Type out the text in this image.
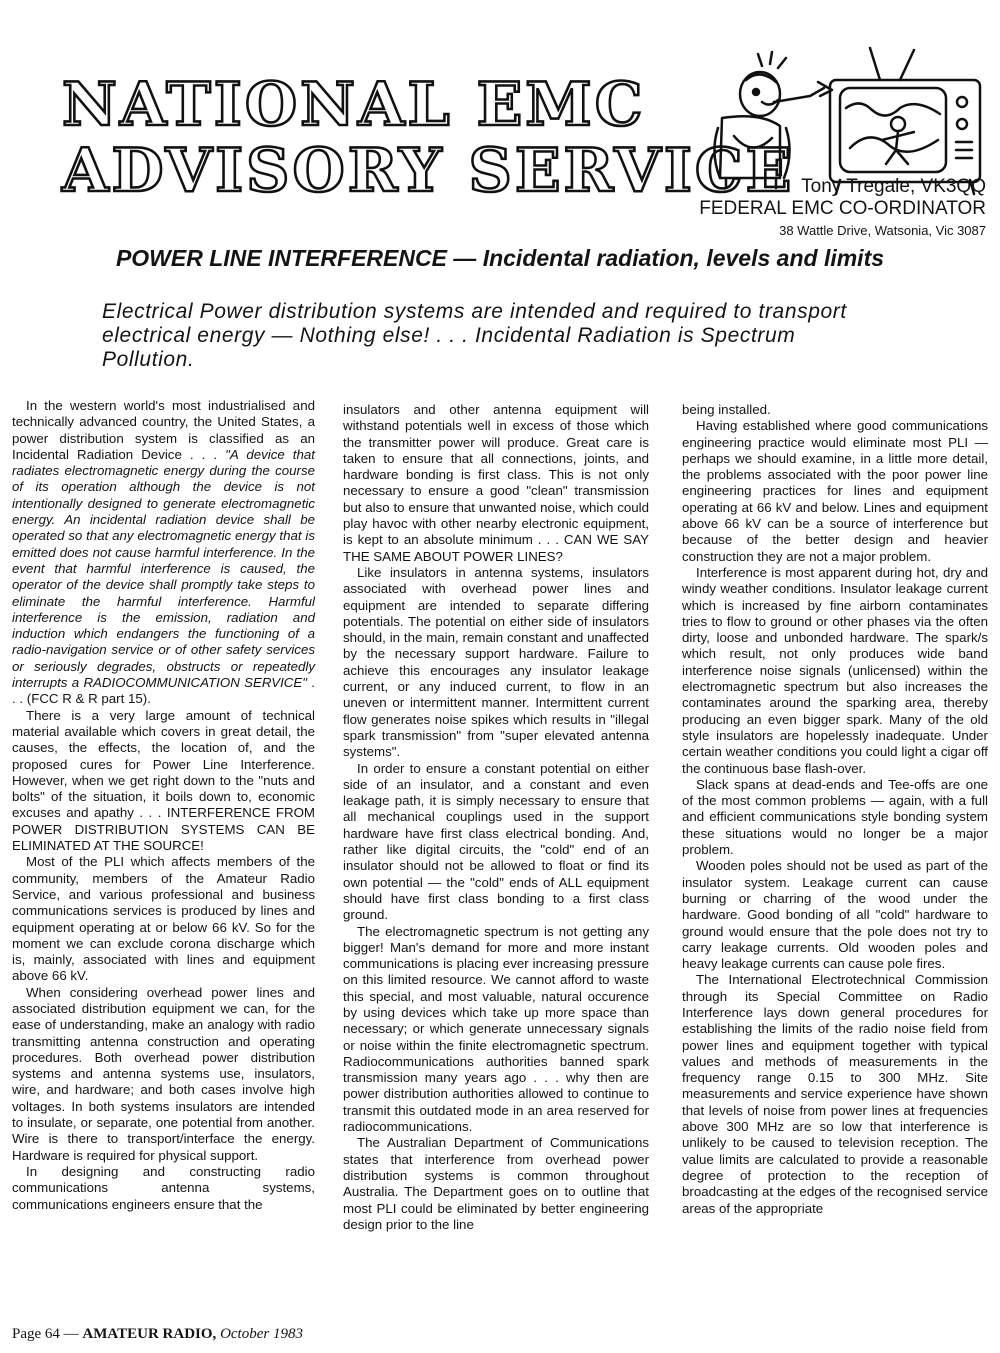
NATIONAL EMC
ADVISORY SERVICE Tony Tregale, VK3QQ
FEDERAL EMC CO-ORDINATOR
38 Wattle Drive, Watsonia, Vic 3087
POWER LINE INTERFERENCE — Incidental radiation, levels and limits
Electrical Power distribution systems are intended and required to transport electrical energy — Nothing else! . . . Incidental Radiation is Spectrum Pollution.

In the western world's most industrialised and technically advanced country, the United States, a power distribution system is classified as an Incidental Radiation Device . . . "A device that radiates electromagnetic energy during the course of its operation although the device is not intentionally designed to generate electromagnetic energy. An incidental radiation device shall be operated so that any electromagnetic energy that is emitted does not cause harmful interference. In the event that harmful interference is caused, the operator of the device shall promptly take steps to eliminate the harmful interference. Harmful interference is the emission, radiation and induction which endangers the functioning of a radio-navigation service or of other safety services or seriously degrades, obstructs or repeatedly interrupts a RADIOCOMMUNICATION SERVICE" . . . (FCC R & R part 15).

There is a very large amount of technical material available which covers in great detail, the causes, the effects, the location of, and the proposed cures for Power Line Interference. However, when we get right down to the "nuts and bolts" of the situation, it boils down to, economic excuses and apathy . . . INTERFERENCE FROM POWER DISTRIBUTION SYSTEMS CAN BE ELIMINATED AT THE SOURCE!

Most of the PLI which affects members of the community, members of the Amateur Radio Service, and various professional and business communications services is produced by lines and equipment operating at or below 66 kV. So for the moment we can exclude corona discharge which is, mainly, associated with lines and equipment above 66 kV.

When considering overhead power lines and associated distribution equipment we can, for the ease of understanding, make an analogy with radio transmitting antenna construction and operating procedures. Both overhead power distribution systems and antenna systems use, insulators, wire, and hardware; and both cases involve high voltages. In both systems insulators are intended to insulate, or separate, one potential from another. Wire is there to transport/interface the energy. Hardware is required for physical support.

In designing and constructing radio communications antenna systems, communications engineers ensure that the

insulators and other antenna equipment will withstand potentials well in excess of those which the transmitter power will produce. Great care is taken to ensure that all connections, joints, and hardware bonding is first class. This is not only necessary to ensure a good "clean" transmission but also to ensure that unwanted noise, which could play havoc with other nearby electronic equipment, is kept to an absolute minimum . . . CAN WE SAY THE SAME ABOUT POWER LINES?

Like insulators in antenna systems, insulators associated with overhead power lines and equipment are intended to separate differing potentials. The potential on either side of insulators should, in the main, remain constant and unaffected by the necessary support hardware. Failure to achieve this encourages any insulator leakage current, or any induced current, to flow in an uneven or intermittent manner. Intermittent current flow generates noise spikes which results in "illegal spark transmission" from "super elevated antenna systems".

In order to ensure a constant potential on either side of an insulator, and a constant and even leakage path, it is simply necessary to ensure that all mechanical couplings used in the support hardware have first class electrical bonding. And, rather like digital circuits, the "cold" end of an insulator should not be allowed to float or find its own potential — the "cold" ends of ALL equipment should have first class bonding to a first class ground.

The electromagnetic spectrum is not getting any bigger! Man's demand for more and more instant communications is placing ever increasing pressure on this limited resource. We cannot afford to waste this special, and most valuable, natural occurence by using devices which take up more space than necessary; or which generate unnecessary signals or noise within the finite electromagnetic spectrum. Radiocommunications authorities banned spark transmission many years ago . . . why then are power distribution authorities allowed to continue to transmit this outdated mode in an area reserved for radiocommunications.

The Australian Department of Communications states that interference from overhead power distribution systems is common throughout Australia. The Department goes on to outline that most PLI could be eliminated by better engineering design prior to the line

being installed.

Having established where good communications engineering practice would eliminate most PLI — perhaps we should examine, in a little more detail, the problems associated with the poor power line engineering practices for lines and equipment operating at 66 kV and below. Lines and equipment above 66 kV can be a source of interference but because of the better design and heavier construction they are not a major problem.

Interference is most apparent during hot, dry and windy weather conditions. Insulator leakage current which is increased by fine airborn contaminates tries to flow to ground or other phases via the often dirty, loose and unbonded hardware. The spark/s which result, not only produces wide band interference noise signals (unlicensed) within the electromagnetic spectrum but also increases the contaminates around the sparking area, thereby producing an even bigger spark. Many of the old style insulators are hopelessly inadequate. Under certain weather conditions you could light a cigar off the continuous base flash-over.

Slack spans at dead-ends and Tee-offs are one of the most common problems — again, with a full and efficient communications style bonding system these situations would no longer be a major problem.

Wooden poles should not be used as part of the insulator system. Leakage current can cause burning or charring of the wood under the hardware. Good bonding of all "cold" hardware to ground would ensure that the pole does not try to carry leakage currents. Old wooden poles and heavy leakage currents can cause pole fires.

The International Electrotechnical Commission through its Special Committee on Radio Interference lays down general procedures for establishing the limits of the radio noise field from power lines and equipment together with typical values and methods of measurements in the frequency range 0.15 to 300 MHz. Site measurements and service experience have shown that levels of noise from power lines at frequencies above 300 MHz are so low that interference is unlikely to be caused to television reception. The value limits are calculated to provide a reasonable degree of protection to the reception of broadcasting at the edges of the recognised service areas of the appropriate

Page 64 — AMATEUR RADIO, October 1983
